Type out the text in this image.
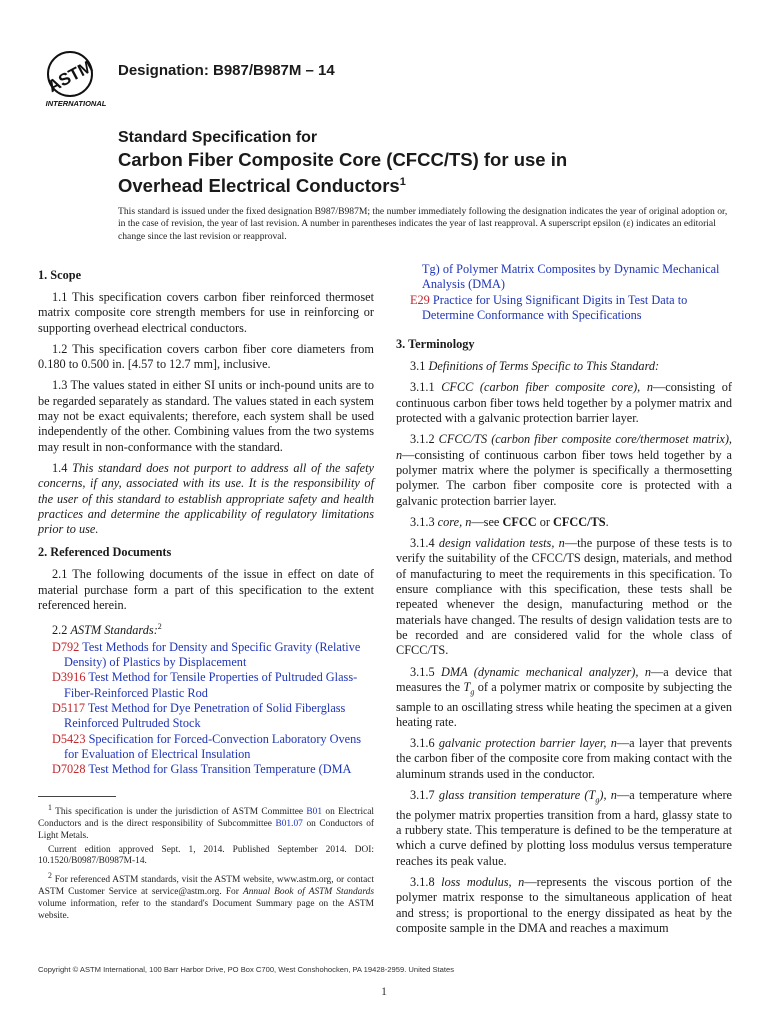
ASTM
INTERNATIONAL
Designation: B987/B987M – 14
Standard Specification for
Carbon Fiber Composite Core (CFCC/TS) for use in
Overhead Electrical Conductors$^1$
This standard is issued under the fixed designation B987/B987M; the number immediately following the designation indicates the year of original adoption or, in the case of revision, the year of last revision. A number in parentheses indicates the year of last reapproval. A superscript epsilon (ε) indicates an editorial change since the last revision or reapproval.
1. Scope

1.1 This specification covers carbon fiber reinforced thermoset matrix composite core strength members for use in reinforcing or supporting overhead electrical conductors.

1.2 This specification covers carbon fiber core diameters from 0.180 to 0.500 in. [4.57 to 12.7 mm], inclusive.

1.3 The values stated in either SI units or inch-pound units are to be regarded separately as standard. The values stated in each system may not be exact equivalents; therefore, each system shall be used independently of the other. Combining values from the two systems may result in non-conformance with the standard.

1.4 This standard does not purport to address all of the safety concerns, if any, associated with its use. It is the responsibility of the user of this standard to establish appropriate safety and health practices and determine the applicability of regulatory limitations prior to use.

2. Referenced Documents

2.1 The following documents of the issue in effect on date of material purchase form a part of this specification to the extent referenced herein.

2.2 ASTM Standards:$^2$

D792 Test Methods for Density and Specific Gravity (Relative Density) of Plastics by Displacement

D3916 Test Method for Tensile Properties of Pultruded Glass-Fiber-Reinforced Plastic Rod

D5117 Test Method for Dye Penetration of Solid Fiberglass Reinforced Pultruded Stock

D5423 Specification for Forced-Convection Laboratory Ovens for Evaluation of Electrical Insulation

D7028 Test Method for Glass Transition Temperature (DMA

$^1$ This specification is under the jurisdiction of ASTM Committee B01 on Electrical Conductors and is the direct responsibility of Subcommittee B01.07 on Conductors of Light Metals.

Current edition approved Sept. 1, 2014. Published September 2014. DOI: 10.1520/B0987/B0987M-14.

$^2$ For referenced ASTM standards, visit the ASTM website, www.astm.org, or contact ASTM Customer Service at service@astm.org. For Annual Book of ASTM Standards volume information, refer to the standard's Document Summary page on the ASTM website.

Tg) of Polymer Matrix Composites by Dynamic Mechanical Analysis (DMA)

E29 Practice for Using Significant Digits in Test Data to Determine Conformance with Specifications

3. Terminology

3.1 Definitions of Terms Specific to This Standard:

3.1.1 CFCC (carbon fiber composite core), n—consisting of continuous carbon fiber tows held together by a polymer matrix and protected with a galvanic protection barrier layer.

3.1.2 CFCC/TS (carbon fiber composite core/thermoset matrix), n—consisting of continuous carbon fiber tows held together by a polymer matrix where the polymer is specifically a thermosetting polymer. The carbon fiber composite core is protected with a galvanic protection barrier layer.

3.1.3 core, n—see CFCC or CFCC/TS.

3.1.4 design validation tests, n—the purpose of these tests is to verify the suitability of the CFCC/TS design, materials, and method of manufacturing to meet the requirements in this specification. To ensure compliance with this specification, these tests shall be repeated whenever the design, manufacturing method or the materials have changed. The results of design validation tests are to be recorded and are considered valid for the whole class of CFCC/TS.

3.1.5 DMA (dynamic mechanical analyzer), n—a device that measures the $T_g$ of a polymer matrix or composite by subjecting the sample to an oscillating stress while heating the specimen at a given heating rate.

3.1.6 galvanic protection barrier layer, n—a layer that prevents the carbon fiber of the composite core from making contact with the aluminum strands used in the conductor.

3.1.7 glass transition temperature $(T_g)$, n—a temperature where the polymer matrix properties transition from a hard, glassy state to a rubbery state. This temperature is defined to be the temperature at which a curve defined by plotting loss modulus versus temperature reaches its peak value.

3.1.8 loss modulus, n—represents the viscous portion of the polymer matrix response to the simultaneous application of heat and stress; is proportional to the energy dissipated as heat by the composite sample in the DMA and reaches a maximum

Copyright © ASTM International, 100 Barr Harbor Drive, PO Box C700, West Conshohocken, PA 19428-2959. United States
1
